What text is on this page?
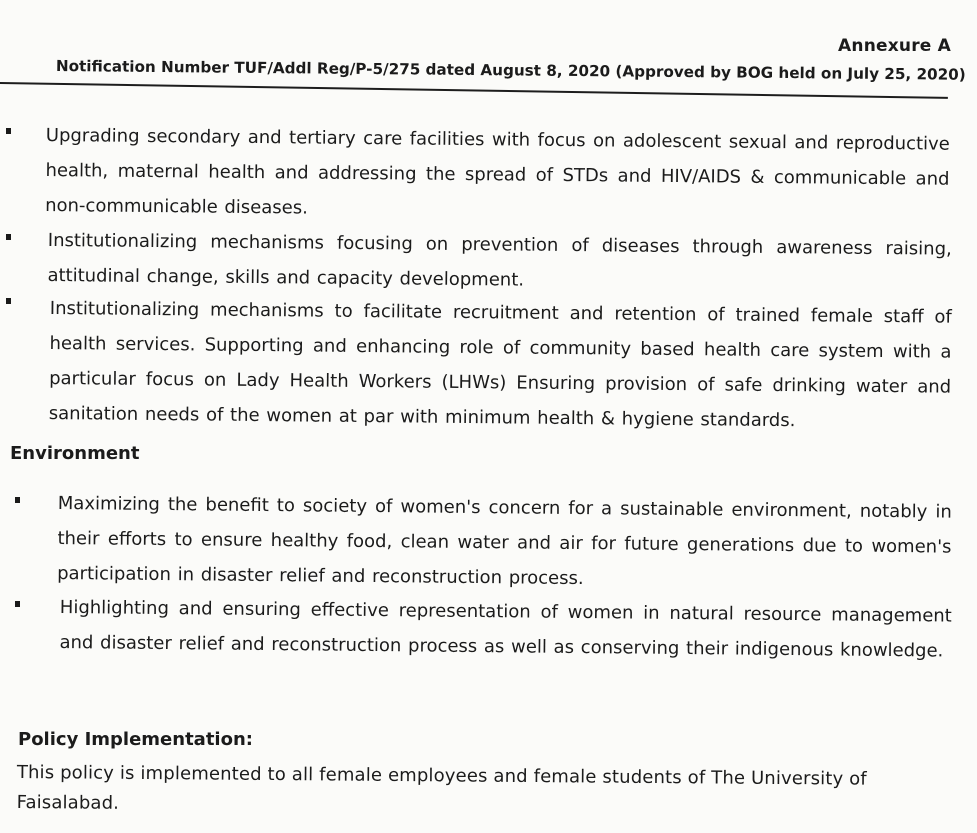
Annexure A
Notification Number TUF/Addl Reg/P-5/275 dated August 8, 2020 (Approved by BOG held on July 25, 2020)
Upgrading secondary and tertiary care facilities with focus on adolescent sexual and reproductive health, maternal health and addressing the spread of STDs and HIV/AIDS & communicable and non-communicable diseases.
Institutionalizing mechanisms focusing on prevention of diseases through awareness raising, attitudinal change, skills and capacity development.
Institutionalizing mechanisms to facilitate recruitment and retention of trained female staff of health services. Supporting and enhancing role of community based health care system with a particular focus on Lady Health Workers (LHWs) Ensuring provision of safe drinking water and sanitation needs of the women at par with minimum health & hygiene standards.
Environment
Maximizing the benefit to society of women's concern for a sustainable environment, notably in their efforts to ensure healthy food, clean water and air for future generations due to women's participation in disaster relief and reconstruction process.
Highlighting and ensuring effective representation of women in natural resource management and disaster relief and reconstruction process as well as conserving their indigenous knowledge.
Policy Implementation:
This policy is implemented to all female employees and female students of The University of Faisalabad.
